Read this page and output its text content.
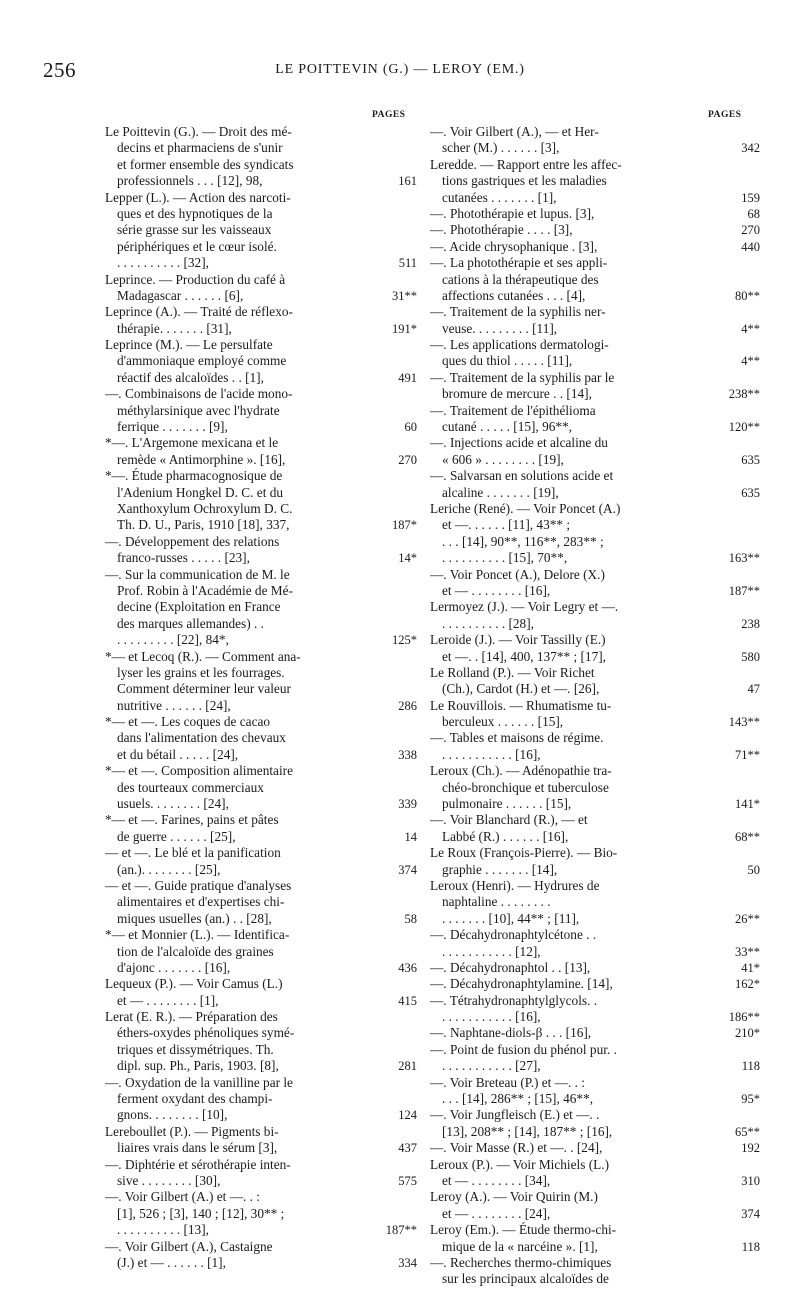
256	LE POITTEVIN (G.) — LEROY (EM.)
PAGES	PAGES
Le Poittevin (G.). — Droit des mé-
decins et pharmaciens de s'unir
et former ensemble des syndicats
professionnels . . . [12], 98,	161
Lepper (L.). — Action des narcoti-
ques et des hypnotiques de la
série grasse sur les vaisseaux
périphériques et le cœur isolé.
. . . . . . . . . . [32],	511
Leprince. — Production du café à
Madagascar . . . . . . [6],	31**
Leprince (A.). — Traité de réflexo-
thérapie. . . . . . . [31],	191*
Leprince (M.). — Le persulfate
d'ammoniaque employé comme
réactif des alcaloïdes . . [1],	491
—. Combinaisons de l'acide mono-
méthylarsinique avec l'hydrate
ferrique . . . . . . . [9],	60
*—. L'Argemone mexicana et le
remède « Antimorphine ». [16],	270
*—. Étude pharmacognosique de
l'Adenium Hongkel D. C. et du
Xanthoxylum Ochroxylum D. C.
Th. D. U., Paris, 1910 [18], 337,	187*
—. Développement des relations
franco-russes . . . . . [23],	14*
—. Sur la communication de M. le
Prof. Robin à l'Académie de Mé-
decine (Exploitation en France
des marques allemandes) . .
. . . . . . . . . [22], 84*,	125*
*— et Lecoq (R.). — Comment ana-
lyser les grains et les fourrages.
Comment déterminer leur valeur
nutritive . . . . . . [24],	286
*— et —. Les coques de cacao
dans l'alimentation des chevaux
et du bétail . . . . . [24],	338
*— et —. Composition alimentaire
des tourteaux commerciaux
usuels. . . . . . . . [24],	339
*— et —. Farines, pains et pâtes
de guerre . . . . . . [25],	14
— et —. Le blé et la panification
(an.). . . . . . . . [25],	374
— et —. Guide pratique d'analyses
alimentaires et d'expertises chi-
miques usuelles (an.) . . [28],	58
*— et Monnier (L.). — Identifica-
tion de l'alcaloïde des graines
d'ajonc . . . . . . . [16],	436
Lequeux (P.). — Voir Camus (L.)
et — . . . . . . . . [1],	415
Lerat (E. R.). — Préparation des
éthers-oxydes phénoliques symé-
triques et dissymétriques. Th.
dipl. sup. Ph., Paris, 1903. [8],	281
—. Oxydation de la vanilline par le
ferment oxydant des champi-
gnons. . . . . . . . [10],	124
Lereboullet (P.). — Pigments bi-
liaires vrais dans le sérum [3],	437
—. Diphtérie et sérothérapie inten-
sive . . . . . . . . [30],	575
—. Voir Gilbert (A.) et —. . :
[1], 526 ; [3], 140 ; [12], 30** ;
. . . . . . . . . . [13],	187**
—. Voir Gilbert (A.), Castaigne
(J.) et — . . . . . . [1],	334
—. Voir Gilbert (A.), — et Her-
scher (M.) . . . . . . [3],	342
Leredde. — Rapport entre les affec-
tions gastriques et les maladies
cutanées . . . . . . . [1],	159
—. Photothérapie et lupus. [3],	68
—. Photothérapie . . . . [3],	270
—. Acide chrysophanique . [3],	440
—. La photothérapie et ses appli-
cations à la thérapeutique des
affections cutanées . . . [4],	80**
—. Traitement de la syphilis ner-
veuse. . . . . . . . . [11],	4**
—. Les applications dermatologi-
ques du thiol . . . . . [11],	4**
—. Traitement de la syphilis par le
bromure de mercure . . [14],	238**
—. Traitement de l'épithélioma
cutané . . . . . [15], 96**,	120**
—. Injections acide et alcaline du
« 606 » . . . . . . . . [19],	635
—. Salvarsan en solutions acide et
alcaline . . . . . . . [19],	635
Leriche (René). — Voir Poncet (A.)
et —. . . . . . [11], 43** ;
. . . [14], 90**, 116**, 283** ;
. . . . . . . . . . [15], 70**,	163**
—. Voir Poncet (A.), Delore (X.)
et — . . . . . . . . [16],	187**
Lermoyez (J.). — Voir Legry et —.
. . . . . . . . . . [28],	238
Leroide (J.). — Voir Tassilly (E.)
et —. . [14], 400, 137** ; [17],	580
Le Rolland (P.). — Voir Richet
(Ch.), Cardot (H.) et —. [26],	47
Le Rouvillois. — Rhumatisme tu-
berculeux . . . . . . [15],	143**
—. Tables et maisons de régime.
. . . . . . . . . . . [16],	71**
Leroux (Ch.). — Adénopathie tra-
chéo-bronchique et tuberculose
pulmonaire . . . . . . [15],	141*
—. Voir Blanchard (R.), — et
Labbé (R.) . . . . . . [16],	68**
Le Roux (François-Pierre). — Bio-
graphie . . . . . . . [14],	50
Leroux (Henri). — Hydrures de
naphtaline . . . . . . . .
. . . . . . . [10], 44** ; [11],	26**
—. Décahydronaphtylcétone . .
. . . . . . . . . . . [12],	33**
—. Décahydronaphtol . . [13],	41*
—. Décahydronaphtylamine. [14],	162*
—. Tétrahydronaphtylglycols. .
. . . . . . . . . . . [16],	186**
—. Naphtane-diols-β . . . [16],	210*
—. Point de fusion du phénol pur. .
. . . . . . . . . . . [27],	118
—. Voir Breteau (P.) et —. . :
. . . [14], 286** ; [15], 46**,	95*
—. Voir Jungfleisch (E.) et —. .
[13], 208** ; [14], 187** ; [16],	65**
—. Voir Masse (R.) et —. . [24],	192
Leroux (P.). — Voir Michiels (L.)
et — . . . . . . . . [34],	310
Leroy (A.). — Voir Quirin (M.)
et — . . . . . . . . [24],	374
Leroy (Em.). — Étude thermo-chi-
mique de la « narcéine ». [1],	118
—. Recherches thermo-chimiques
sur les principaux alcaloïdes de
